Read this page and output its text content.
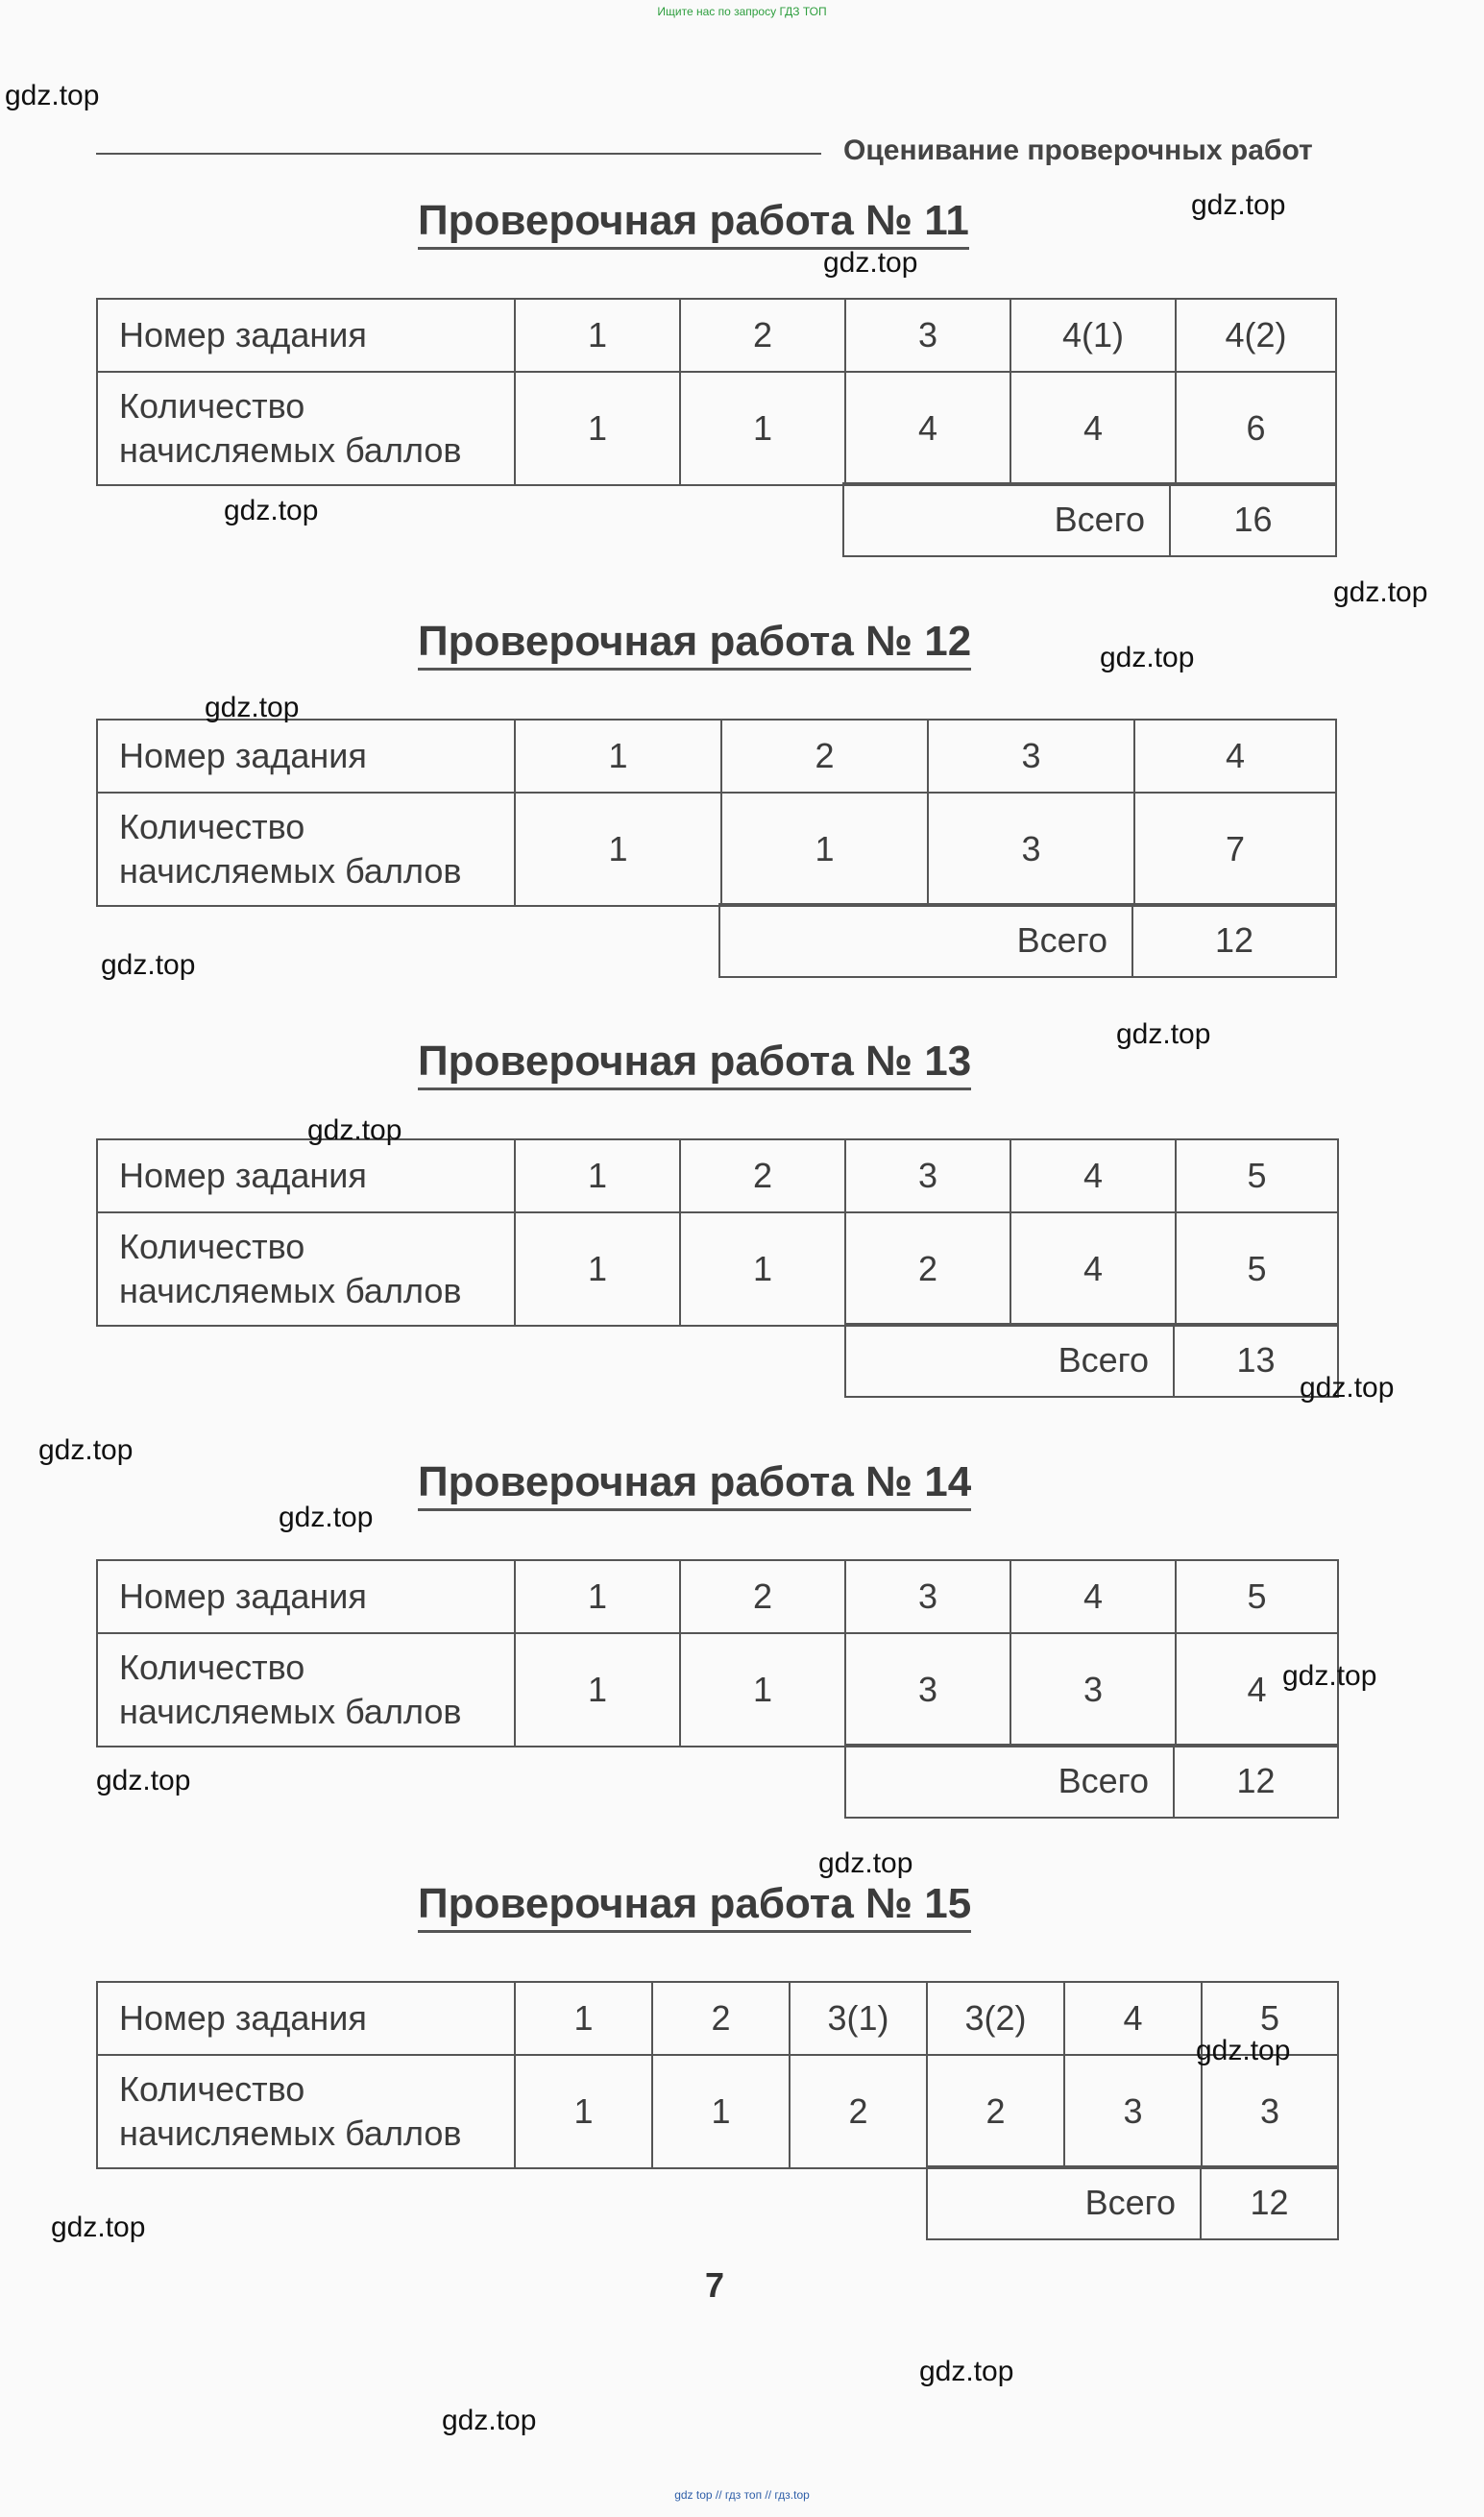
Ищите нас по запросу ГДЗ ТОП
Оценивание проверочных работ
Проверочная работа № 11
Номер задания	1	2	3	4(1)	4(2)
Количество
начисляемых баллов	1	1	4	4	6
Всего	16
Проверочная работа № 12
Номер задания	1	2	3	4
Количество
начисляемых баллов	1	1	3	7
Всего	12
Проверочная работа № 13
Номер задания	1	2	3	4	5
Количество
начисляемых баллов	1	1	2	4	5
Всего	13
Проверочная работа № 14
Номер задания	1	2	3	4	5
Количество
начисляемых баллов	1	1	3	3	4
Всего	12
Проверочная работа № 15
Номер задания	1	2	3(1)	3(2)	4	5
Количество
начисляемых баллов	1	1	2	2	3	3
Всего	12
7
gdz.top
gdz.top
gdz.top
gdz.top
gdz.top
gdz.top
gdz.top
gdz.top
gdz.top
gdz.top
gdz.top
gdz.top
gdz.top
gdz.top
gdz.top
gdz.top
gdz.top
gdz.top
gdz.top
gdz.top
gdz top // гдз топ // гдз.top
